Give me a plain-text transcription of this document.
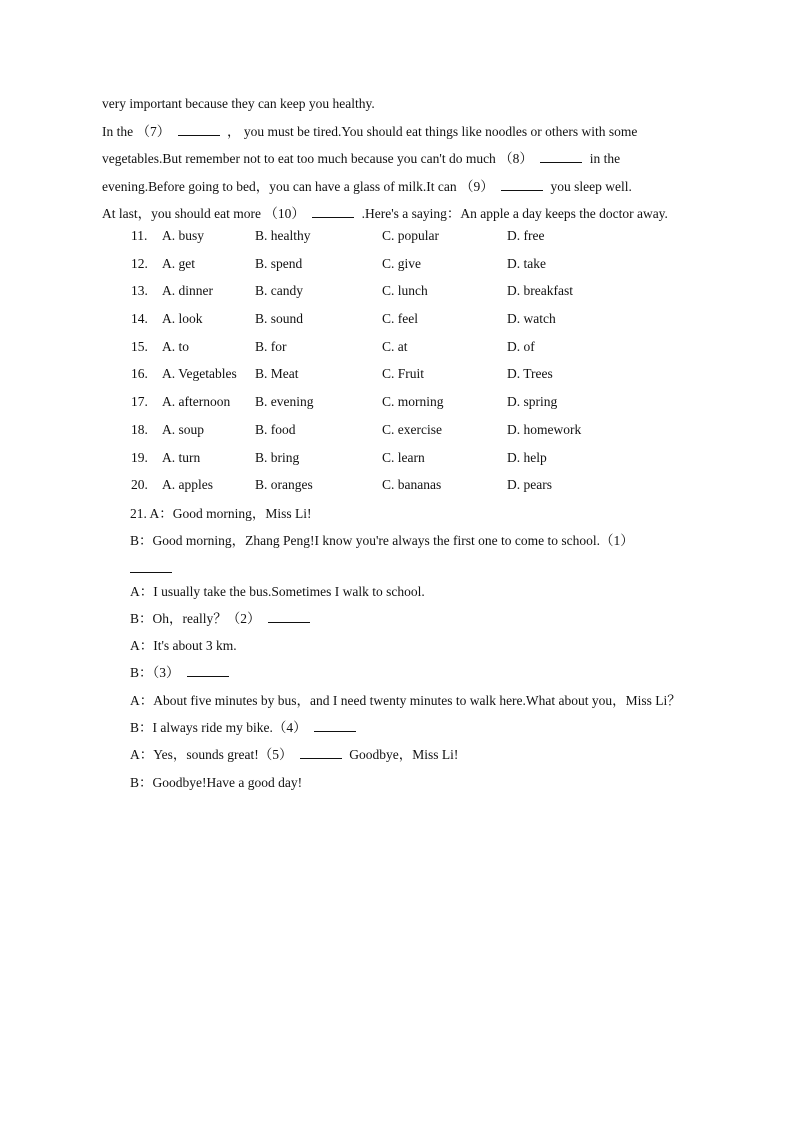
very important because they can keep you healthy.
In the （7）	， you must be tired.You should eat things like noodles or others with some
vegetables.But remember not to eat too much because you can't do much （8）	in the
evening.Before going to bed，you can have a glass of milk.It can （9）	you sleep well.
At last，you should eat more （10）	.Here's a saying：An apple a day keeps the doctor away.
11. A. busy	B. healthy	C. popular	D. free
12. A. get	B. spend	C. give	D. take
13. A. dinner	B. candy	C. lunch	D. breakfast
14. A. look	B. sound	C. feel	D. watch
15. A. to	B. for	C. at	D. of
16. A. Vegetables B. Meat	C. Fruit	D. Trees
17. A. afternoon B. evening	C. morning	D. spring
18. A. soup	B. food	C. exercise	D. homework
19. A. turn	B. bring	C. learn	D. help
20. A. apples	B. oranges	C. bananas	D. pears
21. A：Good morning，Miss Li!
B：Good morning，Zhang Peng!I know you're always the first one to come to school.（1）
A：I usually take the bus.Sometimes I walk to school.
B：Oh，really？（2）
A：It's about 3 km.
B：（3）
A：About five minutes by bus，and I need twenty minutes to walk here.What about you，Miss Li？
B：I always ride my bike.（4）
A：Yes，sounds great!（5）	Goodbye，Miss Li!
B：Goodbye!Have a good day!
